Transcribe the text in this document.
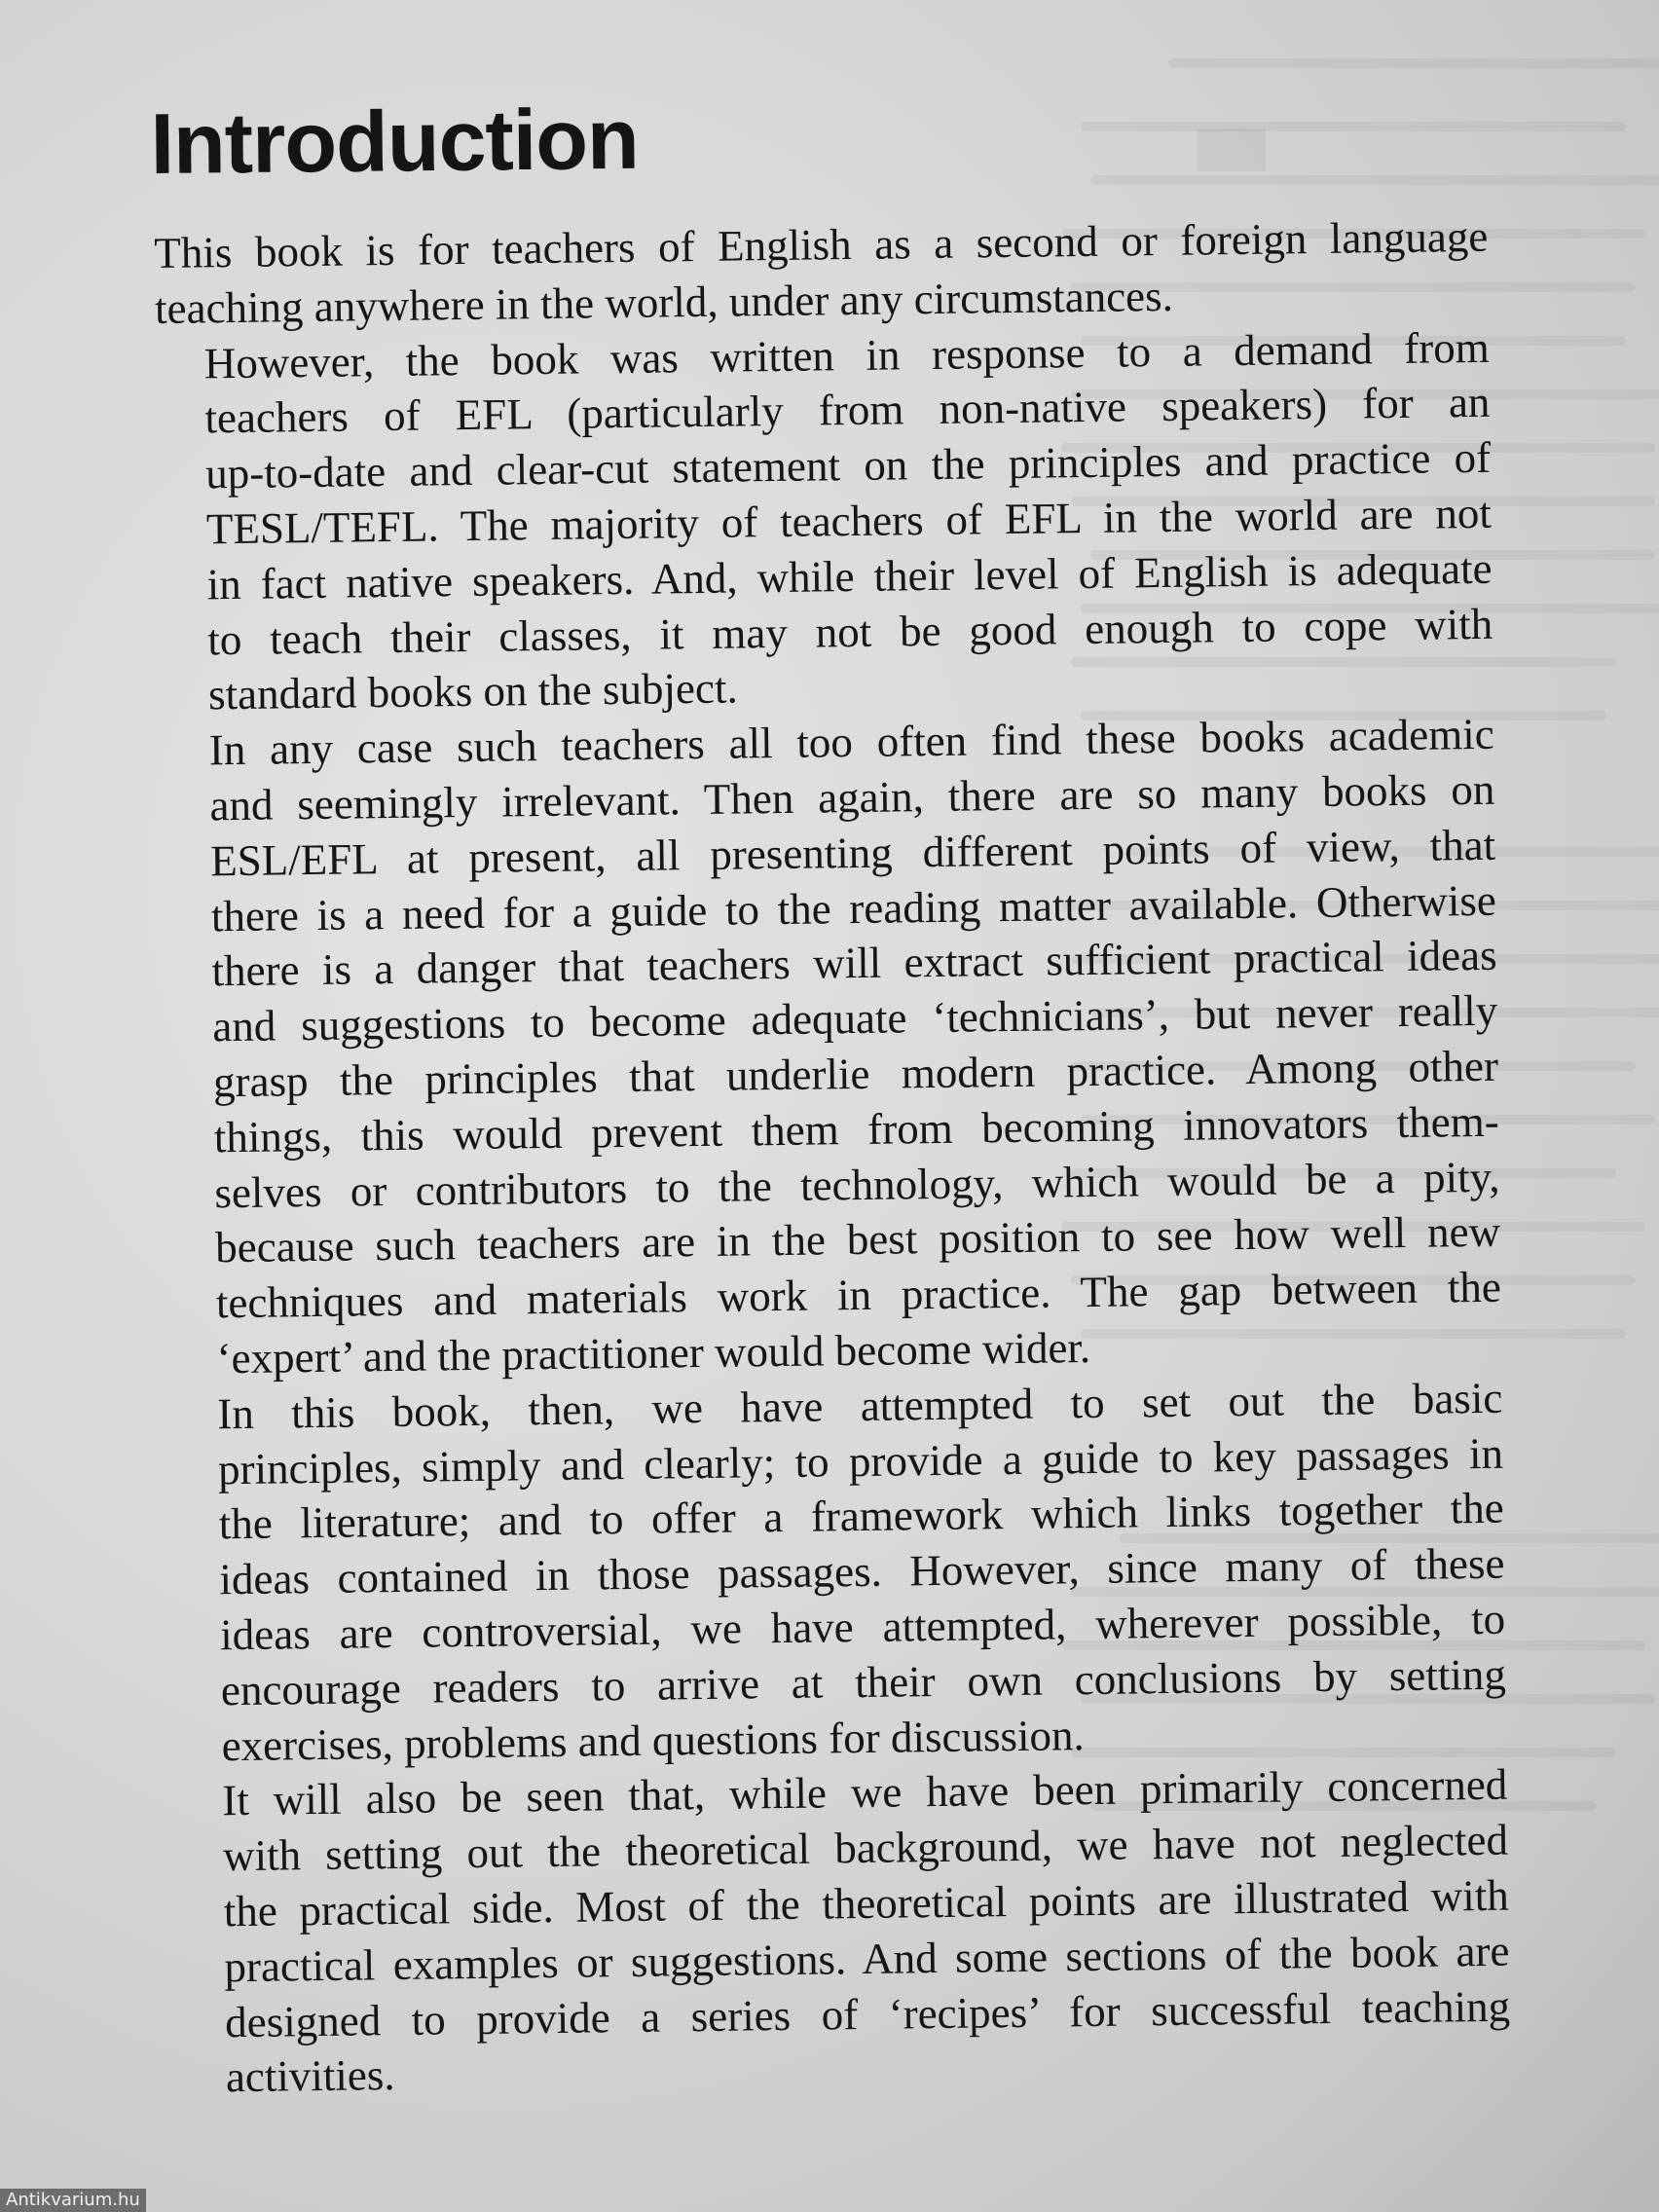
Introduction

This book is for teachers of English as a second or foreign language
teaching anywhere in the world, under any circumstances.

However, the book was written in response to a demand from
teachers of EFL (particularly from non-native speakers) for an
up-to-date and clear-cut statement on the principles and practice of
TESL/TEFL. The majority of teachers of EFL in the world are not
in fact native speakers. And, while their level of English is adequate
to teach their classes, it may not be good enough to cope with
standard books on the subject.

In any case such teachers all too often find these books academic
and seemingly irrelevant. Then again, there are so many books on
ESL/EFL at present, all presenting different points of view, that
there is a need for a guide to the reading matter available. Otherwise
there is a danger that teachers will extract sufficient practical ideas
and suggestions to become adequate ‘technicians’, but never really
grasp the principles that underlie modern practice. Among other
things, this would prevent them from becoming innovators them-
selves or contributors to the technology, which would be a pity,
because such teachers are in the best position to see how well new
techniques and materials work in practice. The gap between the
‘expert’ and the practitioner would become wider.

In this book, then, we have attempted to set out the basic
principles, simply and clearly; to provide a guide to key passages in
the literature; and to offer a framework which links together the
ideas contained in those passages. However, since many of these
ideas are controversial, we have attempted, wherever possible, to
encourage readers to arrive at their own conclusions by setting
exercises, problems and questions for discussion.

It will also be seen that, while we have been primarily concerned
with setting out the theoretical background, we have not neglected
the practical side. Most of the theoretical points are illustrated with
practical examples or suggestions. And some sections of the book are
designed to provide a series of ‘recipes’ for successful teaching
activities.

Antikvarium.hu
